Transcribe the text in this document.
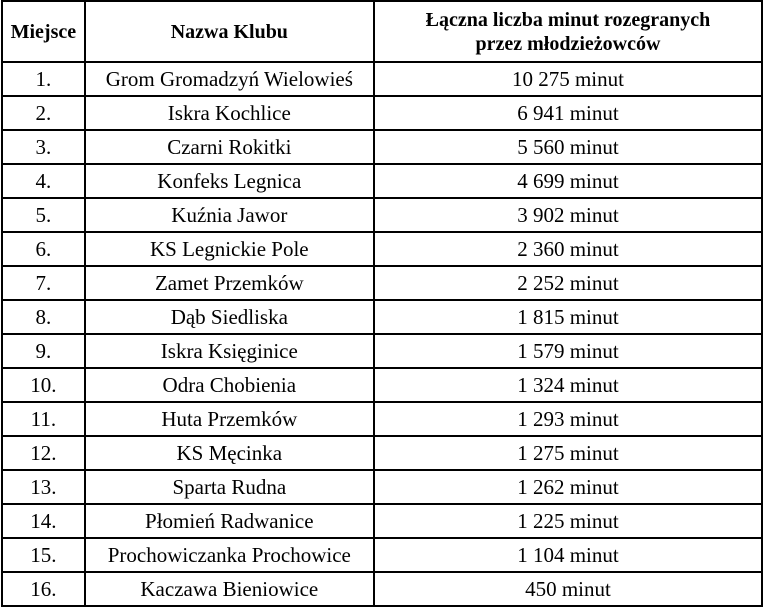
Miejsce	Nazwa Klubu	Łączna liczba minut rozegranych
przez młodzieżowców

1.	Grom Gromadzyń Wielowieś	10 275 minut
2.	Iskra Kochlice	6 941 minut
3.	Czarni Rokitki	5 560 minut
4.	Konfeks Legnica	4 699 minut
5.	Kuźnia Jawor	3 902 minut
6.	KS Legnickie Pole	2 360 minut
7.	Zamet Przemków	2 252 minut
8.	Dąb Siedliska	1 815 minut
9.	Iskra Księginice	1 579 minut
10.	Odra Chobienia	1 324 minut
11.	Huta Przemków	1 293 minut
12.	KS Męcinka	1 275 minut
13.	Sparta Rudna	1 262 minut
14.	Płomień Radwanice	1 225 minut
15.	Prochowiczanka Prochowice	1 104 minut
16.	Kaczawa Bieniowice	450 minut
